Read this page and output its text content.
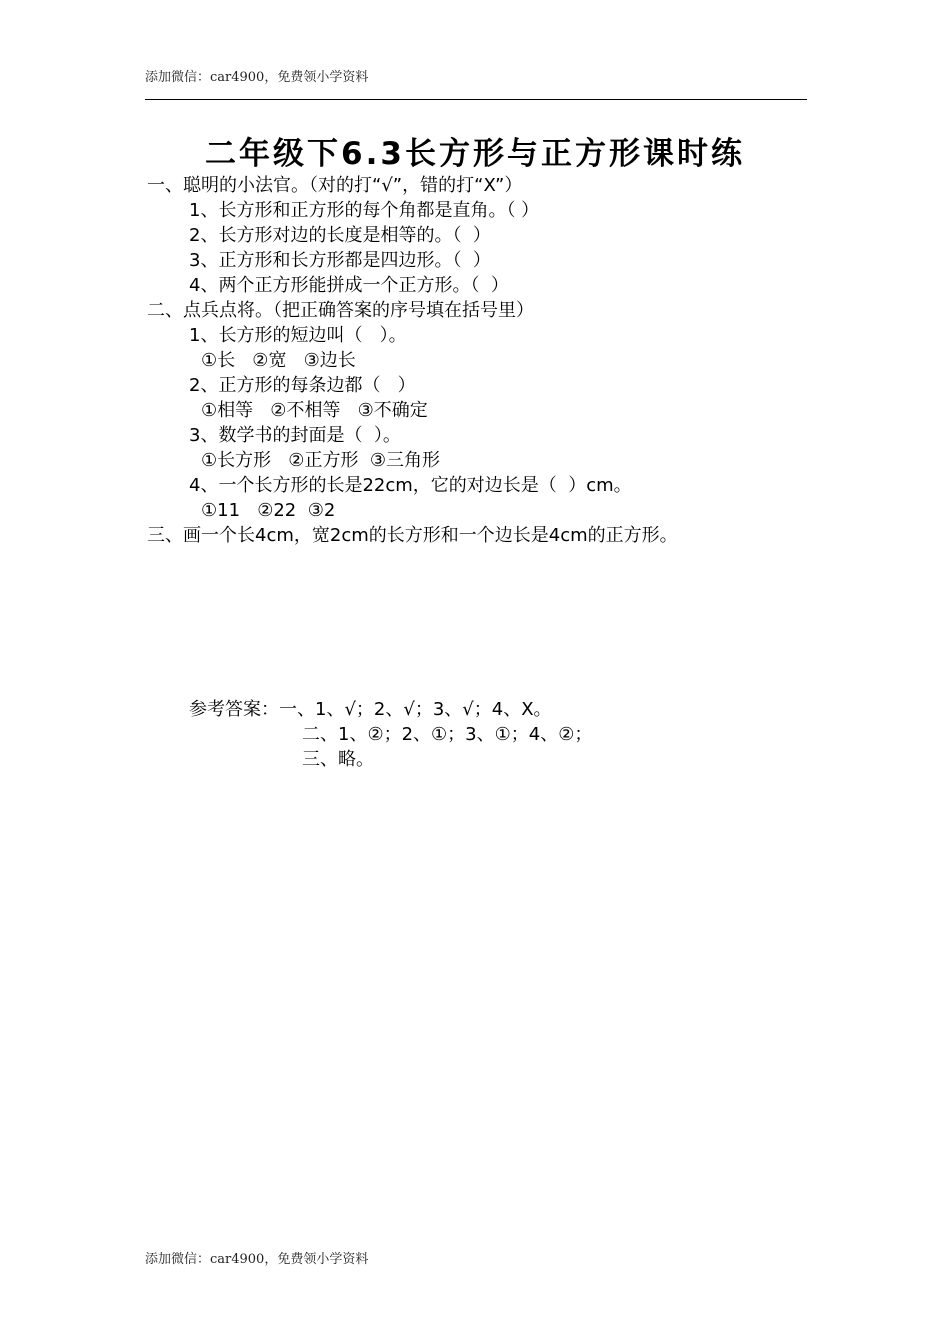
添加微信：car4900，免费领小学资料
二年级下6.3长方形与正方形课时练
一、聪明的小法官。（对的打“√”，错的打“X”）
1、长方形和正方形的每个角都是直角。（ ）
2、长方形对边的长度是相等的。（  ）
3、正方形和长方形都是四边形。（  ）
4、两个正方形能拼成一个正方形。（  ）
二、点兵点将。（把正确答案的序号填在括号里）
1、长方形的短边叫（   ）。
①长   ②宽   ③边长
2、正方形的每条边都（   ）
①相等   ②不相等   ③不确定
3、数学书的封面是（  ）。
①长方形   ②正方形  ③三角形
4、一个长方形的长是22cm，它的对边长是（  ）cm。
①11   ②22  ③2
三、画一个长4cm，宽2cm的长方形和一个边长是4cm的正方形。
参考答案：一、1、√；2、√；3、√；4、X。
二、1、②；2、①；3、①；4、②；
三、略。
添加微信：car4900，免费领小学资料
